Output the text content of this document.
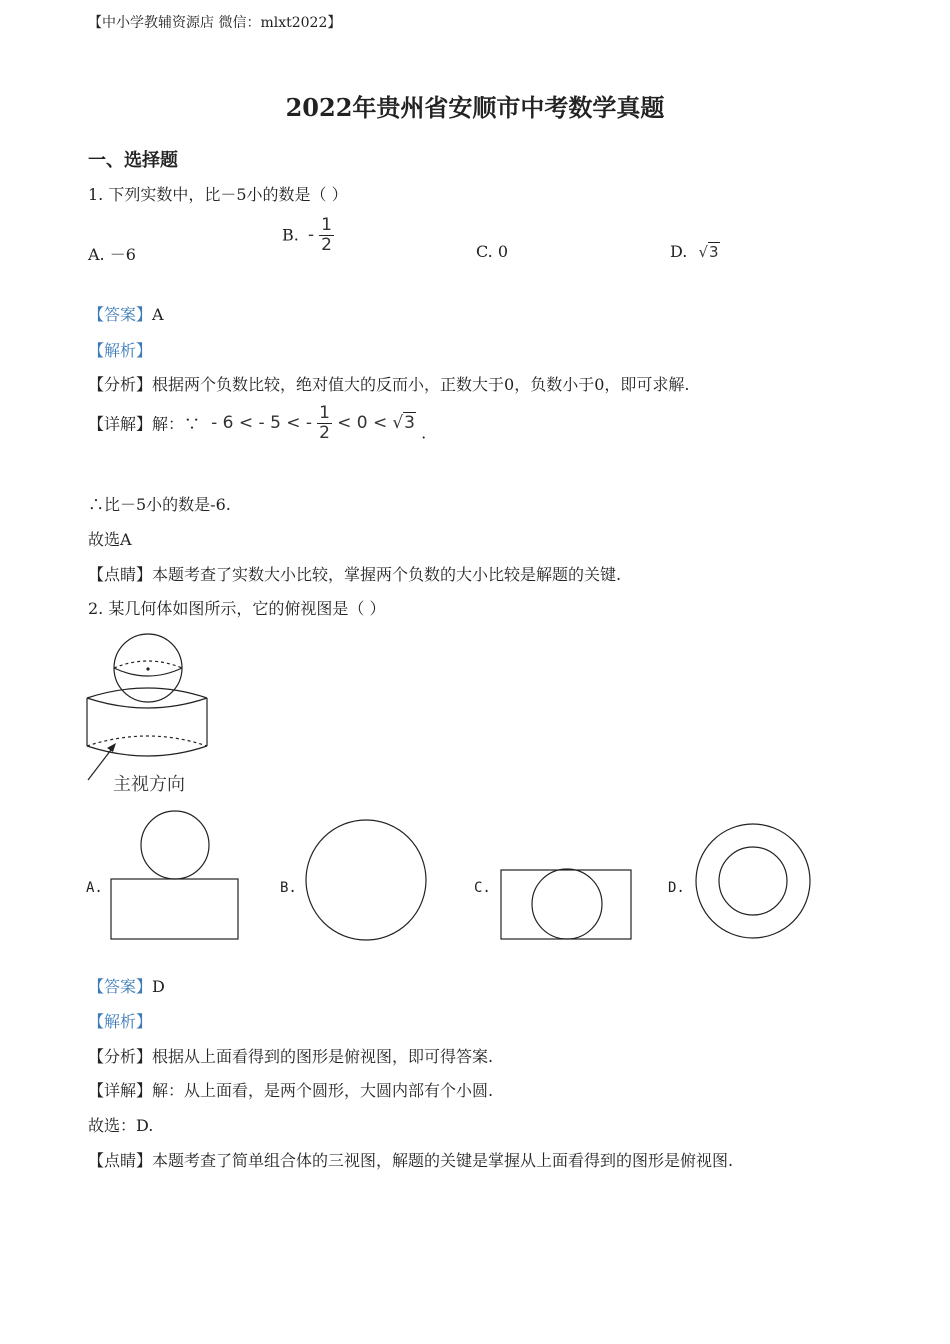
【中小学教辅资源店 微信：mlxt2022】
2022年贵州省安顺市中考数学真题
一、选择题
1. 下列实数中，比－5小的数是（ ）
A. －6
B. - $\frac{1}{2}$	C. 0	D. √3
【答案】A
【解析】
【分析】根据两个负数比较，绝对值大的反而小，正数大于0，负数小于0，即可求解.
【详解】解：∵ - 6 < - 5 < - $\frac{1}{2} < 0 < √3$ .
∴比－5小的数是-6.
故选A
【点睛】本题考查了实数大小比较，掌握两个负数的大小比较是解题的关键.
2. 某几何体如图所示，它的俯视图是（ ）
主视方向
A.	B.	C.	D.
【答案】D
【解析】
【分析】根据从上面看得到的图形是俯视图，即可得答案.
【详解】解：从上面看，是两个圆形，大圆内部有个小圆.
故选：D.
【点睛】本题考查了简单组合体的三视图，解题的关键是掌握从上面看得到的图形是俯视图.
